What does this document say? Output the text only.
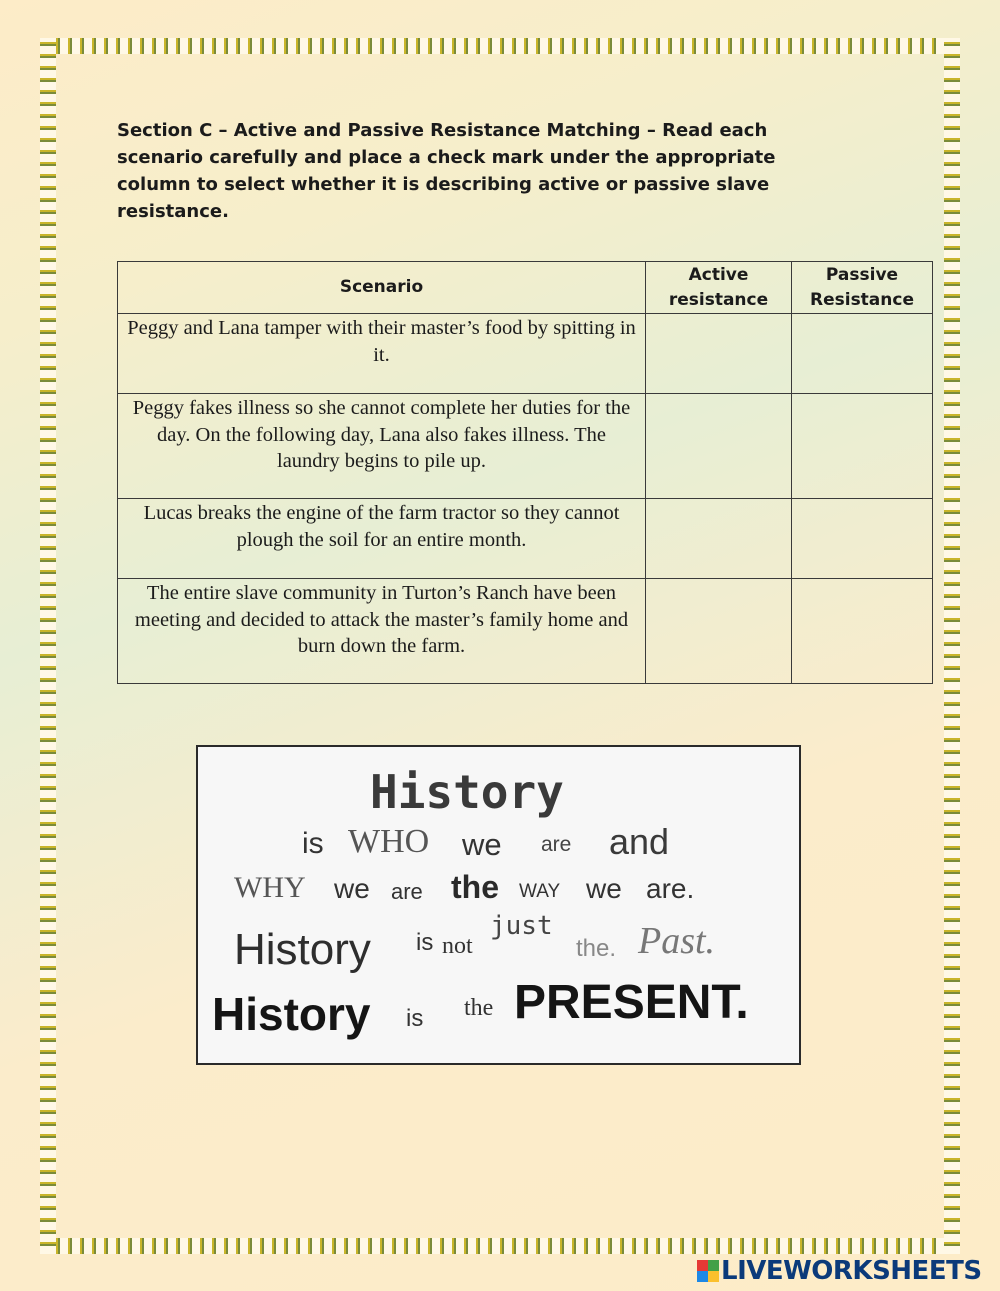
Section C – Active and Passive Resistance Matching – Read each scenario carefully and place a check mark under the appropriate column to select whether it is describing active or passive slave resistance.

Scenario	Active resistance	Passive Resistance
Peggy and Lana tamper with their master’s food by spitting in it.		
Peggy fakes illness so she cannot complete her duties for the day. On the following day, Lana also fakes illness. The laundry begins to pile up.		
Lucas breaks the engine of the farm tractor so they cannot plough the soil for an entire month.		
The entire slave community in Turton’s Ranch have been meeting and decided to attack the master’s family home and burn down the farm.		
History
is WHO we are and
WHY we are the WAY we are.
History is not
just
the. Past.
History is the PRESENT.
LIVEWORKSHEETS
